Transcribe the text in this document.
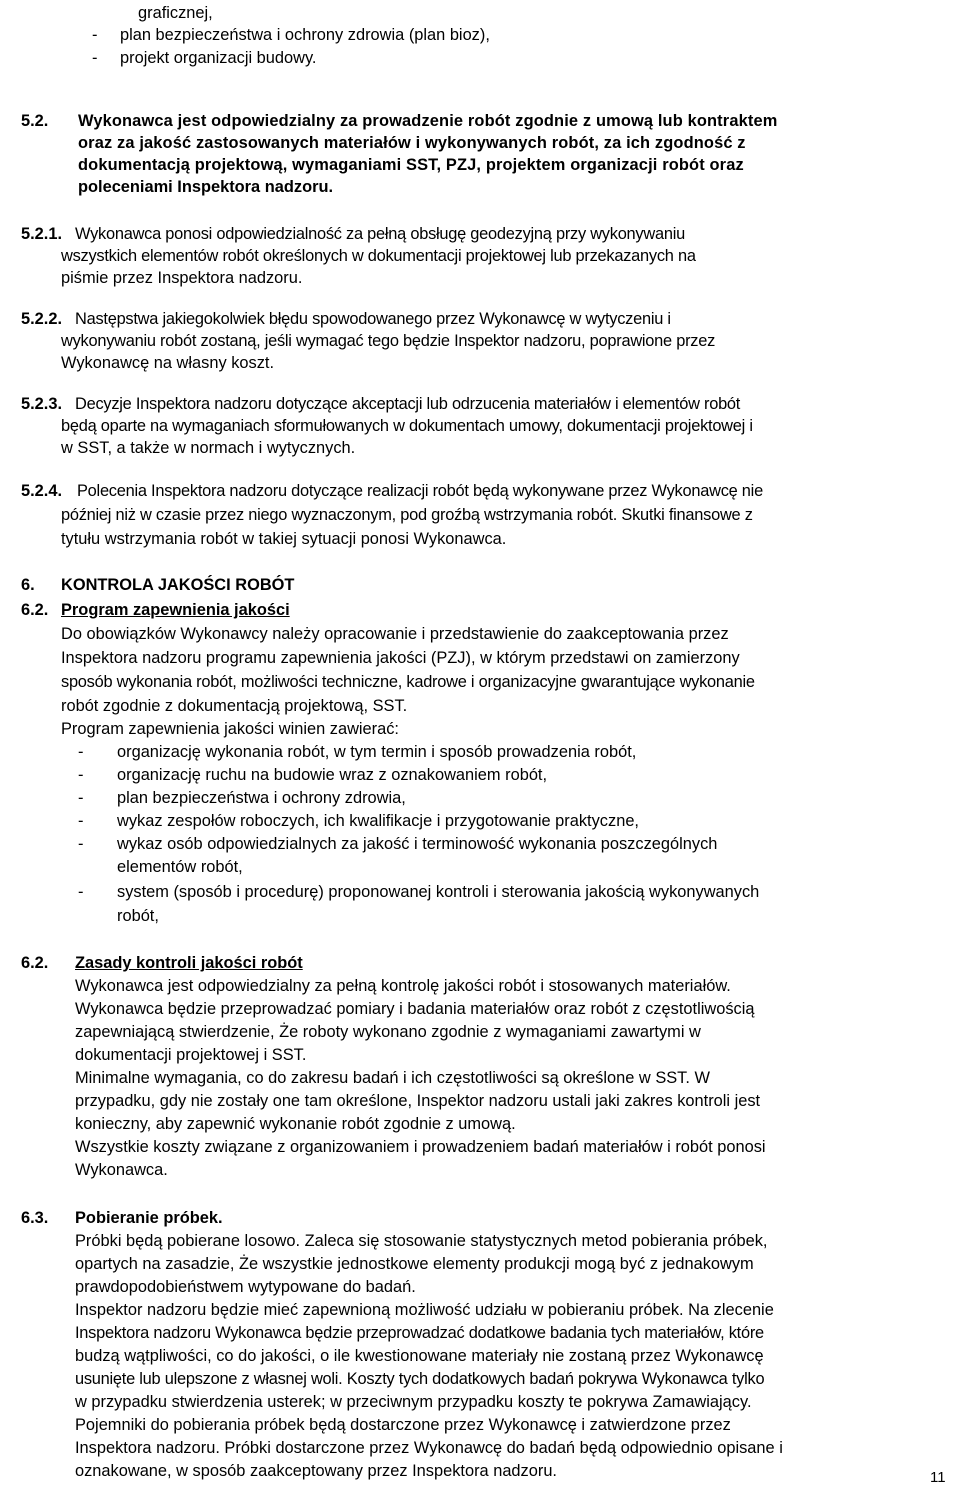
graficznej,
- plan bezpieczeństwa i ochrony zdrowia (plan bioz),
- projekt organizacji budowy.
5.2. Wykonawca jest odpowiedzialny za prowadzenie robót zgodnie z umową lub kontraktem
oraz za jakość zastosowanych materiałów i wykonywanych robót, za ich zgodność z
dokumentacją projektową, wymaganiami SST, PZJ, projektem organizacji robót oraz
poleceniami Inspektora nadzoru.
5.2.1. Wykonawca ponosi odpowiedzialność za pełną obsługę geodezyjną przy wykonywaniu
wszystkich elementów robót określonych w dokumentacji projektowej lub przekazanych na
piśmie przez Inspektora nadzoru.
5.2.2. Następstwa jakiegokolwiek błędu spowodowanego przez Wykonawcę w wytyczeniu i
wykonywaniu robót zostaną, jeśli wymagać tego będzie Inspektor nadzoru, poprawione przez
Wykonawcę na własny koszt.
5.2.3. Decyzje Inspektora nadzoru dotyczące akceptacji lub odrzucenia materiałów i elementów robót
będą oparte na wymaganiach sformułowanych w dokumentach umowy, dokumentacji projektowej i
w SST, a także w normach i wytycznych.
5.2.4. Polecenia Inspektora nadzoru dotyczące realizacji robót będą wykonywane przez Wykonawcę nie
później niż w czasie przez niego wyznaczonym, pod groźbą wstrzymania robót. Skutki finansowe z
tytułu wstrzymania robót w takiej sytuacji ponosi Wykonawca.
6. KONTROLA JAKOŚCI ROBÓT
6.2. Program zapewnienia jakości
Do obowiązków Wykonawcy należy opracowanie i przedstawienie do zaakceptowania przez
Inspektora nadzoru programu zapewnienia jakości (PZJ), w którym przedstawi on zamierzony
sposób wykonania robót, możliwości techniczne, kadrowe i organizacyjne gwarantujące wykonanie
robót zgodnie z dokumentacją projektową, SST.
Program zapewnienia jakości winien zawierać:
- organizację wykonania robót, w tym termin i sposób prowadzenia robót,
- organizację ruchu na budowie wraz z oznakowaniem robót,
- plan bezpieczeństwa i ochrony zdrowia,
- wykaz zespołów roboczych, ich kwalifikacje i przygotowanie praktyczne,
- wykaz osób odpowiedzialnych za jakość i terminowość wykonania poszczególnych
elementów robót,
- system (sposób i procedurę) proponowanej kontroli i sterowania jakością wykonywanych
robót,
6.2. Zasady kontroli jakości robót
Wykonawca jest odpowiedzialny za pełną kontrolę jakości robót i stosowanych materiałów.
Wykonawca będzie przeprowadzać pomiary i badania materiałów oraz robót z częstotliwością
zapewniającą stwierdzenie, Że roboty wykonano zgodnie z wymaganiami zawartymi w
dokumentacji projektowej i SST.
Minimalne wymagania, co do zakresu badań i ich częstotliwości są określone w SST. W
przypadku, gdy nie zostały one tam określone, Inspektor nadzoru ustali jaki zakres kontroli jest
konieczny, aby zapewnić wykonanie robót zgodnie z umową.
Wszystkie koszty związane z organizowaniem i prowadzeniem badań materiałów i robót ponosi
Wykonawca.
6.3. Pobieranie próbek.
Próbki będą pobierane losowo. Zaleca się stosowanie statystycznych metod pobierania próbek,
opartych na zasadzie, Że wszystkie jednostkowe elementy produkcji mogą być z jednakowym
prawdopodobieństwem wytypowane do badań.
Inspektor nadzoru będzie mieć zapewnioną możliwość udziału w pobieraniu próbek. Na zlecenie
Inspektora nadzoru Wykonawca będzie przeprowadzać dodatkowe badania tych materiałów, które
budzą wątpliwości, co do jakości, o ile kwestionowane materiały nie zostaną przez Wykonawcę
usunięte lub ulepszone z własnej woli. Koszty tych dodatkowych badań pokrywa Wykonawca tylko
w przypadku stwierdzenia usterek; w przeciwnym przypadku koszty te pokrywa Zamawiający.
Pojemniki do pobierania próbek będą dostarczone przez Wykonawcę i zatwierdzone przez
Inspektora nadzoru. Próbki dostarczone przez Wykonawcę do badań będą odpowiednio opisane i
oznakowane, w sposób zaakceptowany przez Inspektora nadzoru.	11
